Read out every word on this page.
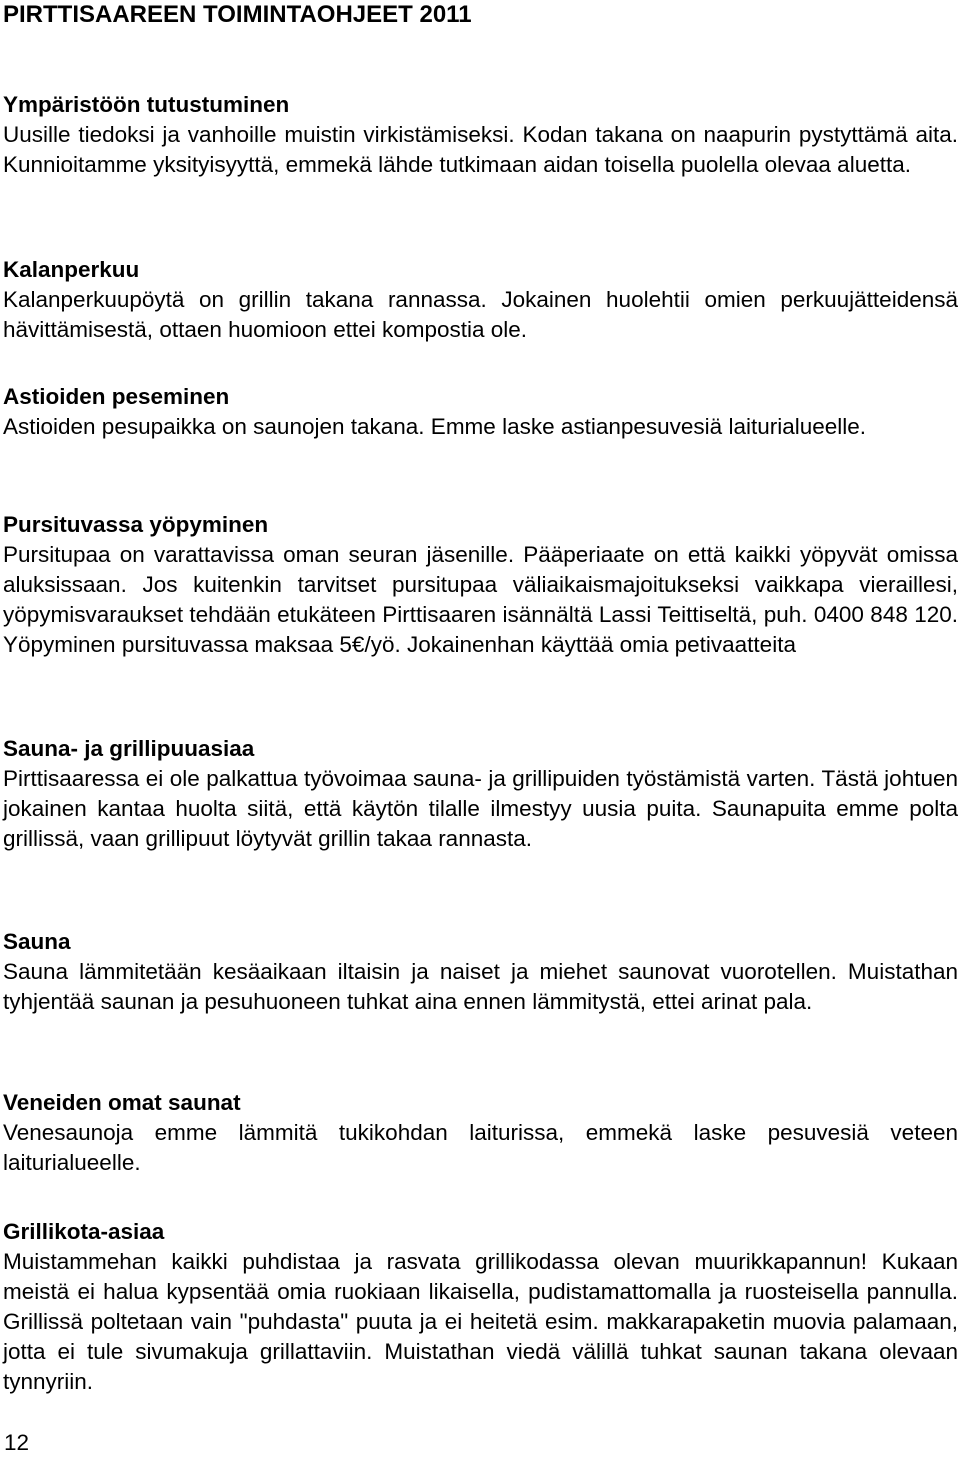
PIRTTISAAREEN TOIMINTAOHJEET 2011
Ympäristöön tutustuminen
Uusille tiedoksi ja vanhoille muistin virkistämiseksi. Kodan takana on naapurin pystyttämä aita. Kunnioitamme yksityisyyttä, emmekä lähde tutkimaan aidan toisella puolella olevaa aluetta.
Kalanperkuu
Kalanperkuupöytä on grillin takana rannassa. Jokainen huolehtii omien perkuujätteidensä hävittämisestä, ottaen huomioon ettei kompostia ole.
Astioiden peseminen
Astioiden pesupaikka on saunojen takana. Emme laske astianpesuvesiä laiturialueelle.
Pursituvassa yöpyminen
Pursitupaa on varattavissa oman seuran jäsenille. Pääperiaate on että kaikki yöpyvät omissa aluksissaan. Jos kuitenkin tarvitset pursitupaa väliaikaismajoitukseksi vaikkapa vieraillesi, yöpymisvaraukset tehdään etukäteen Pirttisaaren isännältä Lassi Teittiseltä, puh. 0400 848 120. Yöpyminen pursituvassa maksaa 5€/yö. Jokainenhan käyttää omia petivaatteita
Sauna- ja grillipuuasiaa
Pirttisaaressa ei ole palkattua työvoimaa sauna- ja grillipuiden työstämistä varten. Tästä johtuen jokainen kantaa huolta siitä, että käytön tilalle ilmestyy uusia puita. Saunapuita emme polta grillissä, vaan grillipuut löytyvät grillin takaa rannasta.
Sauna
Sauna lämmitetään kesäaikaan iltaisin ja naiset ja miehet saunovat vuorotellen. Muistathan tyhjentää saunan ja pesuhuoneen tuhkat aina ennen lämmitystä, ettei arinat pala.
Veneiden omat saunat
Venesaunoja emme lämmitä tukikohdan laiturissa, emmekä laske pesuvesiä veteen laiturialueelle.
Grillikota-asiaa
Muistammehan kaikki puhdistaa ja rasvata grillikodassa olevan muurikkapannun! Kukaan meistä ei halua kypsentää omia ruokiaan likaisella, pudistamattomalla ja ruosteisella pannulla. Grillissä poltetaan vain "puhdasta" puuta ja ei heitetä esim. makkarapaketin muovia palamaan, jotta ei tule sivumakuja grillattaviin. Muistathan viedä välillä tuhkat saunan takana olevaan tynnyriin.
12
